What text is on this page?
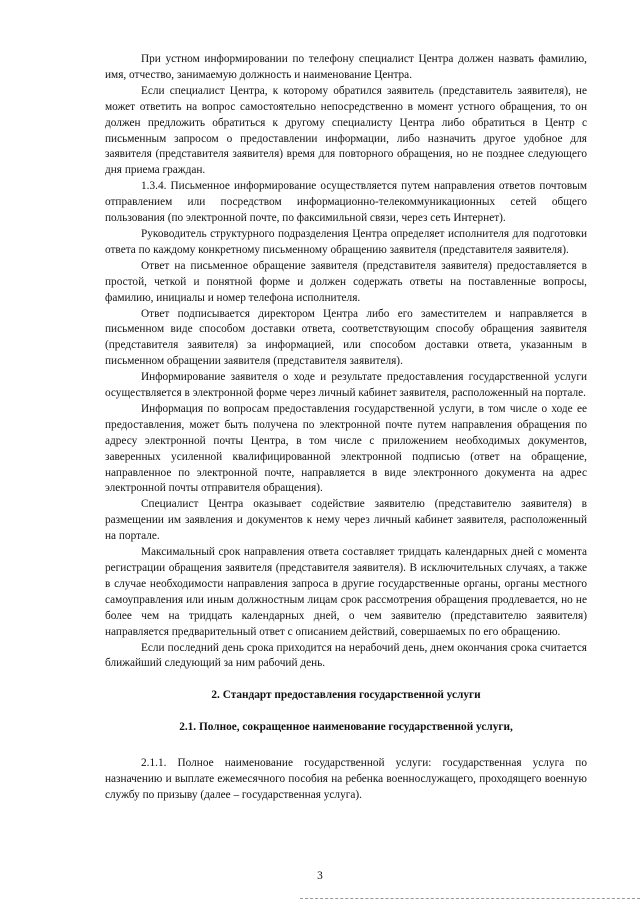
При устном информировании по телефону специалист Центра должен назвать фамилию, имя, отчество, занимаемую должность и наименование Центра.

Если специалист Центра, к которому обратился заявитель (представитель заявителя), не может ответить на вопрос самостоятельно непосредственно в момент устного обращения, то он должен предложить обратиться к другому специалисту Центра либо обратиться в Центр с письменным запросом о предоставлении информации, либо назначить другое удобное для заявителя (представителя заявителя) время для повторного обращения, но не позднее следующего дня приема граждан.

1.3.4. Письменное информирование осуществляется путем направления ответов почтовым отправлением или посредством информационно-телекоммуникационных сетей общего пользования (по электронной почте, по факсимильной связи, через сеть Интернет).

Руководитель структурного подразделения Центра определяет исполнителя для подготовки ответа по каждому конкретному письменному обращению заявителя (представителя заявителя).

Ответ на письменное обращение заявителя (представителя заявителя) предоставляется в простой, четкой и понятной форме и должен содержать ответы на поставленные вопросы, фамилию, инициалы и номер телефона исполнителя.

Ответ подписывается директором Центра либо его заместителем и направляется в письменном виде способом доставки ответа, соответствующим способу обращения заявителя (представителя заявителя) за информацией, или способом доставки ответа, указанным в письменном обращении заявителя (представителя заявителя).

Информирование заявителя о ходе и результате предоставления государственной услуги осуществляется в электронной форме через личный кабинет заявителя, расположенный на портале.

Информация по вопросам предоставления государственной услуги, в том числе о ходе ее предоставления, может быть получена по электронной почте путем направления обращения по адресу электронной почты Центра, в том числе с приложением необходимых документов, заверенных усиленной квалифицированной электронной подписью (ответ на обращение, направленное по электронной почте, направляется в виде электронного документа на адрес электронной почты отправителя обращения).

Специалист Центра оказывает содействие заявителю (представителю заявителя) в размещении им заявления и документов к нему через личный кабинет заявителя, расположенный на портале.

Максимальный срок направления ответа составляет тридцать календарных дней с момента регистрации обращения заявителя (представителя заявителя). В исключительных случаях, а также в случае необходимости направления запроса в другие государственные органы, органы местного самоуправления или иным должностным лицам срок рассмотрения обращения продлевается, но не более чем на тридцать календарных дней, о чем заявителю (представителю заявителя) направляется предварительный ответ с описанием действий, совершаемых по его обращению.

Если последний день срока приходится на нерабочий день, днем окончания срока считается ближайший следующий за ним рабочий день.

2. Стандарт предоставления государственной услуги

2.1. Полное, сокращенное наименование государственной услуги,

2.1.1. Полное наименование государственной услуги: государственная услуга по назначению и выплате ежемесячного пособия на ребенка военнослужащего, проходящего военную службу по призыву (далее – государственная услуга).

3
